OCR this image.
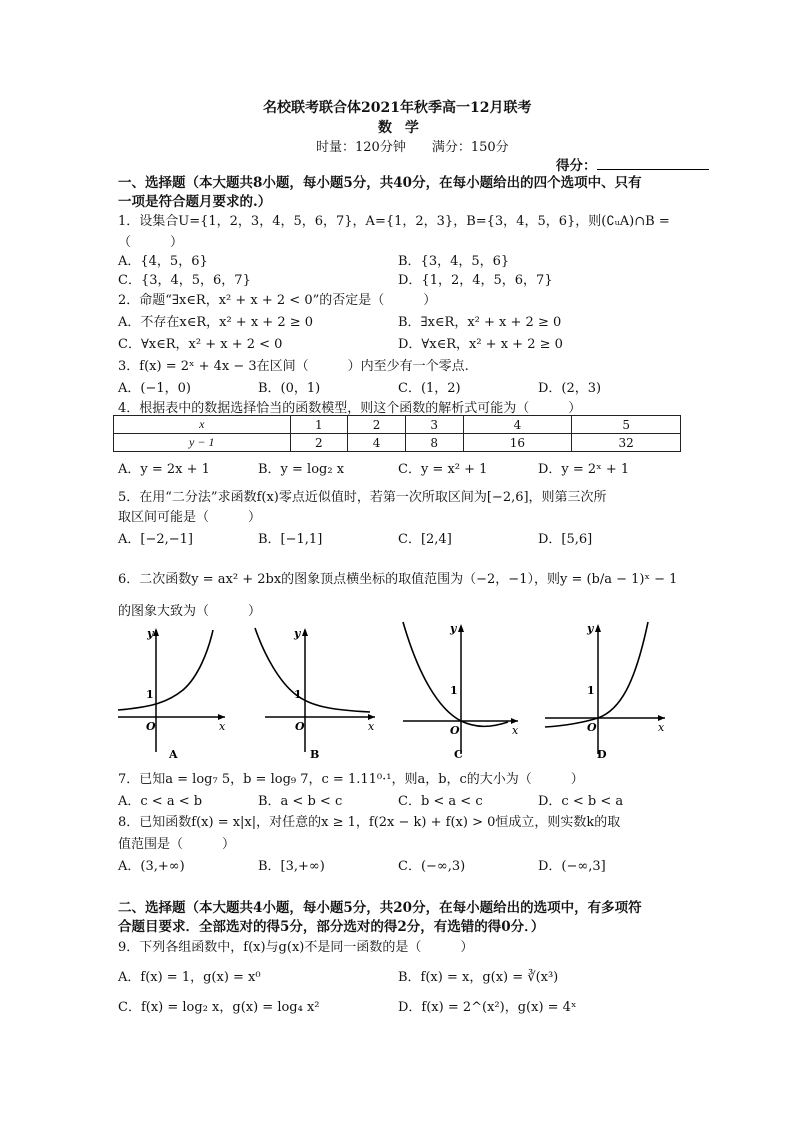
名校联考联合体2021年秋季高一12月联考
数 学
时量：120分钟　　满分：150分
得分：
一、选择题（本大题共8小题，每小题5分，共40分，在每小题给出的四个选项中、只有
一项是符合题月要求的.）
1．设集合U={1，2，3，4，5，6，7}，A={1，2，3}，B={3，4，5，6}，则(∁ᵤA)∩B =
（　　　）
A．{4，5，6}	B．{3，4，5，6}
C．{3，4，5，6，7}	D．{1，2，4，5，6，7}
2．命题“∃x∈R，x² + x + 2 < 0”的否定是（　　　）
A．不存在x∈R，x² + x + 2 ≥ 0	B．∃x∈R，x² + x + 2 ≥ 0
C．∀x∈R，x² + x + 2 < 0	D．∀x∈R，x² + x + 2 ≥ 0
3．f(x) = 2ˣ + 4x − 3在区间（　　　）内至少有一个零点.
A．(−1，0)	B．(0，1)	C．(1，2)	D．(2，3)
4．根据表中的数据选择恰当的函数模型，则这个函数的解析式可能为（　　　）
x	1	2	3	4	5
y − 1	2	4	8	16	32
A．y = 2x + 1	B．y = log₂ x	C．y = x² + 1	D．y = 2ˣ + 1
5．在用“二分法”求函数f(x)零点近似值时，若第一次所取区间为[−2,6]，则第三次所
取区间可能是（　　　）
A．[−2,−1]	B．[−1,1]	C．[2,4]	D．[5,6]
6．二次函数y = ax² + 2bx的图象顶点横坐标的取值范围为（−2，−1），则y = (b/a − 1)ˣ − 1
的图象大致为（　　　）
y
x
O
1
A
y
x
O
1
B
y
x
O
1
C
y
x
O
1
D
7．已知a = log₇ 5，b = log₉ 7，c = 1.11⁰·¹，则a，b，c的大小为（　　　）
A．c < a < b	B．a < b < c	C．b < a < c	D．c < b < a
8．已知函数f(x) = x|x|，对任意的x ≥ 1，f(2x − k) + f(x) > 0恒成立，则实数k的取
值范围是（　　　）
A．(3,+∞)	B．[3,+∞)	C．(−∞,3)	D．(−∞,3]
二、选择题（本大题共4小题，每小题5分，共20分，在每小题给出的选项中，有多项符
合题目要求．全部选对的得5分，部分选对的得2分，有选错的得0分．）
9．下列各组函数中，f(x)与g(x)不是同一函数的是（　　　）
A．f(x) = 1，g(x) = x⁰	B．f(x) = x，g(x) = ∛(x³)
C．f(x) = log₂ x，g(x) = log₄ x²	D．f(x) = 2^(x²)，g(x) = 4ˣ
